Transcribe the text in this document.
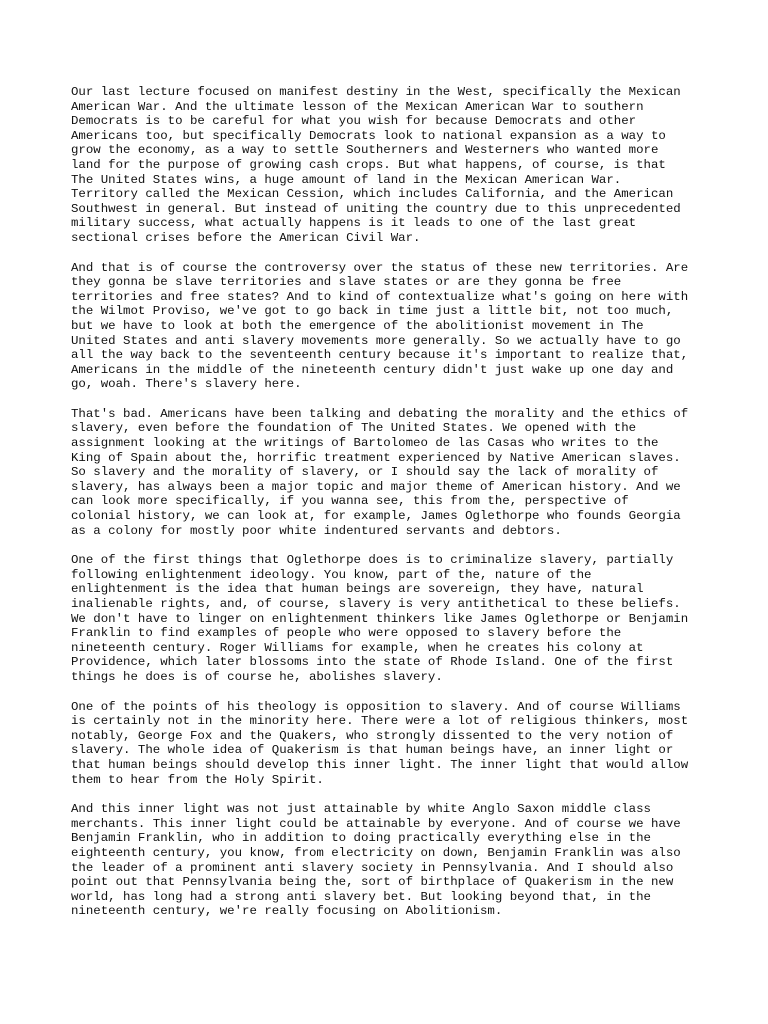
Our last lecture focused on manifest destiny in the West, specifically the Mexican
American War. And the ultimate lesson of the Mexican American War to southern
Democrats is to be careful for what you wish for because Democrats and other
Americans too, but specifically Democrats look to national expansion as a way to
grow the economy, as a way to settle Southerners and Westerners who wanted more
land for the purpose of growing cash crops. But what happens, of course, is that
The United States wins, a huge amount of land in the Mexican American War.
Territory called the Mexican Cession, which includes California, and the American
Southwest in general. But instead of uniting the country due to this unprecedented
military success, what actually happens is it leads to one of the last great
sectional crises before the American Civil War.

And that is of course the controversy over the status of these new territories. Are
they gonna be slave territories and slave states or are they gonna be free
territories and free states? And to kind of contextualize what's going on here with
the Wilmot Proviso, we've got to go back in time just a little bit, not too much,
but we have to look at both the emergence of the abolitionist movement in The
United States and anti slavery movements more generally. So we actually have to go
all the way back to the seventeenth century because it's important to realize that,
Americans in the middle of the nineteenth century didn't just wake up one day and
go, woah. There's slavery here.

That's bad. Americans have been talking and debating the morality and the ethics of
slavery, even before the foundation of The United States. We opened with the
assignment looking at the writings of Bartolomeo de las Casas who writes to the
King of Spain about the, horrific treatment experienced by Native American slaves.
So slavery and the morality of slavery, or I should say the lack of morality of
slavery, has always been a major topic and major theme of American history. And we
can look more specifically, if you wanna see, this from the, perspective of
colonial history, we can look at, for example, James Oglethorpe who founds Georgia
as a colony for mostly poor white indentured servants and debtors.

One of the first things that Oglethorpe does is to criminalize slavery, partially
following enlightenment ideology. You know, part of the, nature of the
enlightenment is the idea that human beings are sovereign, they have, natural
inalienable rights, and, of course, slavery is very antithetical to these beliefs.
We don't have to linger on enlightenment thinkers like James Oglethorpe or Benjamin
Franklin to find examples of people who were opposed to slavery before the
nineteenth century. Roger Williams for example, when he creates his colony at
Providence, which later blossoms into the state of Rhode Island. One of the first
things he does is of course he, abolishes slavery.

One of the points of his theology is opposition to slavery. And of course Williams
is certainly not in the minority here. There were a lot of religious thinkers, most
notably, George Fox and the Quakers, who strongly dissented to the very notion of
slavery. The whole idea of Quakerism is that human beings have, an inner light or
that human beings should develop this inner light. The inner light that would allow
them to hear from the Holy Spirit.

And this inner light was not just attainable by white Anglo Saxon middle class
merchants. This inner light could be attainable by everyone. And of course we have
Benjamin Franklin, who in addition to doing practically everything else in the
eighteenth century, you know, from electricity on down, Benjamin Franklin was also
the leader of a prominent anti slavery society in Pennsylvania. And I should also
point out that Pennsylvania being the, sort of birthplace of Quakerism in the new
world, has long had a strong anti slavery bet. But looking beyond that, in the
nineteenth century, we're really focusing on Abolitionism.
